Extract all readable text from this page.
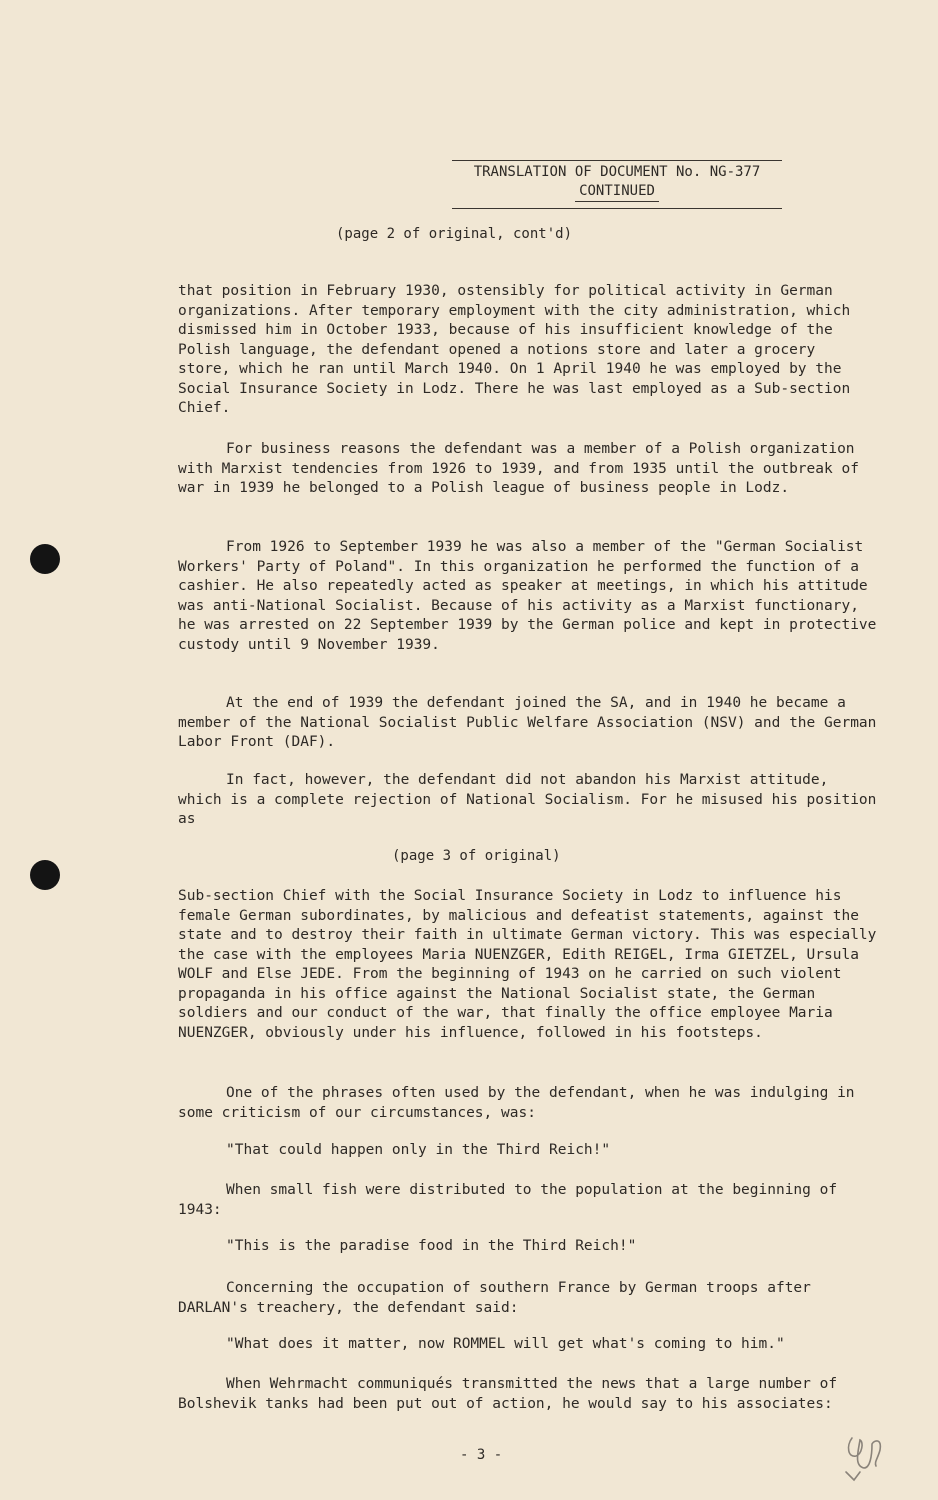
TRANSLATION OF DOCUMENT No. NG-377
CONTINUED
(page 2 of original, cont'd)

that position in February 1930, ostensibly for political activity in German organizations. After temporary employment with the city administration, which dismissed him in October 1933, because of his insufficient knowledge of the Polish language, the defendant opened a notions store and later a grocery store, which he ran until March 1940. On 1 April 1940 he was employed by the Social Insurance Society in Lodz. There he was last employed as a Sub-section Chief.

For business reasons the defendant was a member of a Polish organization with Marxist tendencies from 1926 to 1939, and from 1935 until the outbreak of war in 1939 he belonged to a Polish league of business people in Lodz.

From 1926 to September 1939 he was also a member of the "German Socialist Workers' Party of Poland". In this organization he performed the function of a cashier. He also repeatedly acted as speaker at meetings, in which his attitude was anti-National Socialist. Because of his activity as a Marxist functionary, he was arrested on 22 September 1939 by the German police and kept in protective custody until 9 November 1939.

At the end of 1939 the defendant joined the SA, and in 1940 he became a member of the National Socialist Public Welfare Association (NSV) and the German Labor Front (DAF).

In fact, however, the defendant did not abandon his Marxist attitude, which is a complete rejection of National Socialism. For he misused his position as

(page 3 of original)

Sub-section Chief with the Social Insurance Society in Lodz to influence his female German subordinates, by malicious and defeatist statements, against the state and to destroy their faith in ultimate German victory. This was especially the case with the employees Maria NUENZGER, Edith REIGEL, Irma GIETZEL, Ursula WOLF and Else JEDE. From the beginning of 1943 on he carried on such violent propaganda in his office against the National Socialist state, the German soldiers and our conduct of the war, that finally the office employee Maria NUENZGER, obviously under his influence, followed in his footsteps.

One of the phrases often used by the defendant, when he was indulging in some criticism of our circumstances, was:

"That could happen only in the Third Reich!"

When small fish were distributed to the population at the beginning of 1943:

"This is the paradise food in the Third Reich!"

Concerning the occupation of southern France by German troops after DARLAN's treachery, the defendant said:

"What does it matter, now ROMMEL will get what's coming to him."

When Wehrmacht communiqués transmitted the news that a large number of Bolshevik tanks had been put out of action, he would say to his associates:

- 3 -
